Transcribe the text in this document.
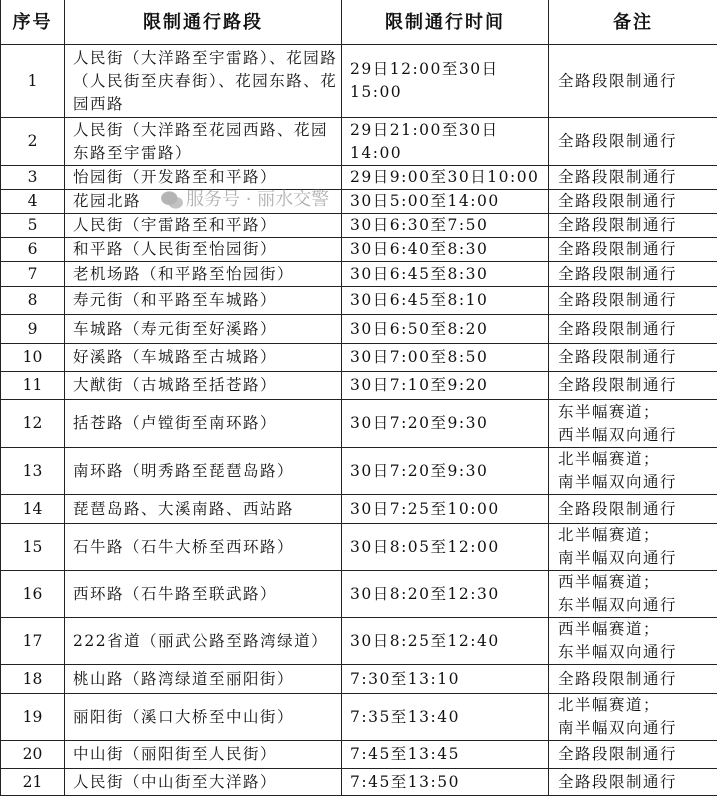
序号	限制通行路段	限制通行时间	备注
1	人民街（大洋路至宇雷路）、花园路（人民街至庆春街）、花园东路、花园西路	29日12:00至30日15:00	全路段限制通行

2	人民街（大洋路至花园西路、花园东路至宇雷路）	29日21:00至30日14:00	全路段限制通行

3	怡园街（开发路至和平路）	29日9:00至30日10:00	全路段限制通行

4	花园北路	30日5:00至14:00	全路段限制通行

5	人民街（宇雷路至和平路）	30日6:30至7:50	全路段限制通行

6	和平路（人民街至怡园街）	30日6:40至8:30	全路段限制通行

7	老机场路（和平路至怡园街）	30日6:45至8:30	全路段限制通行

8	寿元街（和平路至车城路）	30日6:45至8:10	全路段限制通行

9	车城路（寿元街至好溪路）	30日6:50至8:20	全路段限制通行

10	好溪路（车城路至古城路）	30日7:00至8:50	全路段限制通行

11	大猷街（古城路至括苍路）	30日7:10至9:20	全路段限制通行

12	括苍路（卢镗街至南环路）	30日7:20至9:30	东半幅赛道；
西半幅双向通行

13	南环路（明秀路至琵琶岛路）	30日7:20至9:30	北半幅赛道；
南半幅双向通行

14	琵琶岛路、大溪南路、西站路	30日7:25至10:00	全路段限制通行

15	石牛路（石牛大桥至西环路）	30日8:05至12:00	北半幅赛道；
南半幅双向通行

16	西环路（石牛路至联武路）	30日8:20至12:30	西半幅赛道；
东半幅双向通行

17	222省道（丽武公路至路湾绿道）	30日8:25至12:40	西半幅赛道；
东半幅双向通行

18	桃山路（路湾绿道至丽阳街）	7:30至13:10	全路段限制通行

19	丽阳街（溪口大桥至中山街）	7:35至13:40	北半幅赛道；
南半幅双向通行

20	中山街（丽阳街至人民街）	7:45至13:45	全路段限制通行

21	人民街（中山街至大洋路）	7:45至13:50	全路段限制通行
服务号 · 丽水交警
